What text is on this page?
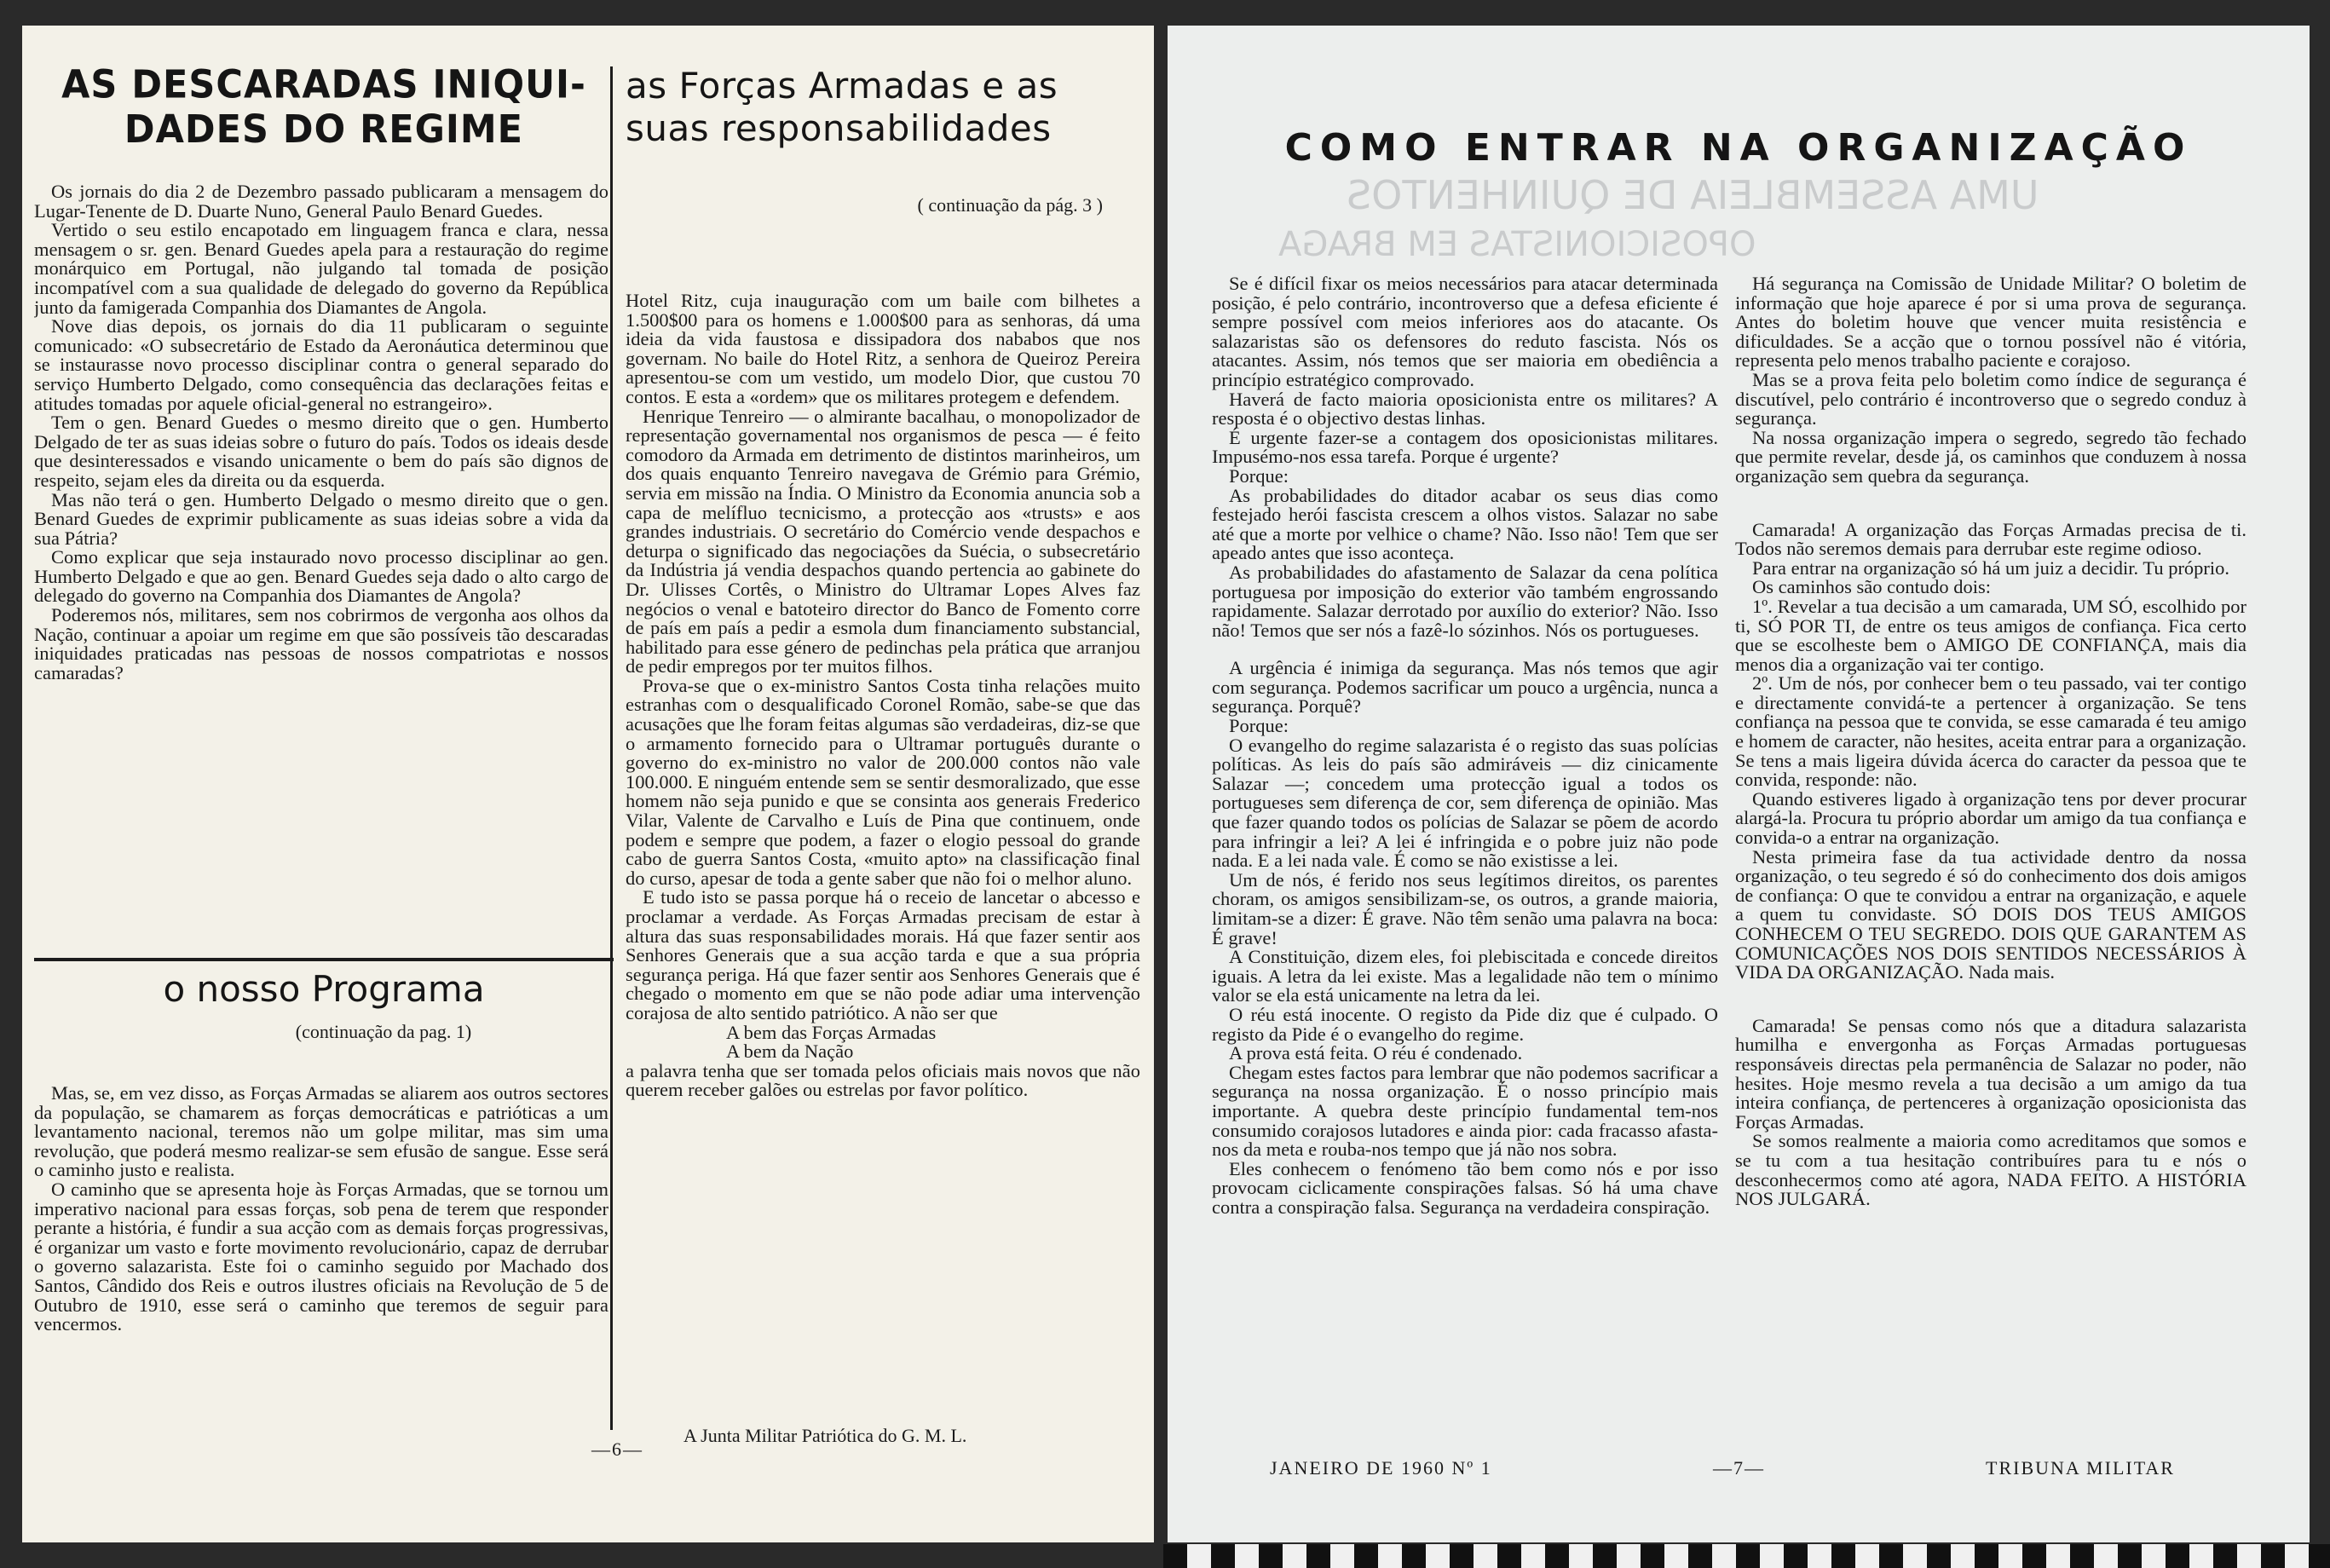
AS DESCARADAS INIQUI-
DADES DO REGIME

Os jornais do dia 2 de Dezembro passado publicaram a mensagem do Lugar-Tenente de D. Duarte Nuno, General Paulo Benard Guedes.

Vertido o seu estilo encapotado em linguagem franca e clara, nessa mensagem o sr. gen. Benard Guedes apela para a restauração do regime monárquico em Portugal, não julgando tal tomada de posição incompatível com a sua qualidade de delegado do governo da República junto da famigerada Companhia dos Diamantes de Angola.

Nove dias depois, os jornais do dia 11 publicaram o seguinte comunicado: «O subsecretário de Estado da Aeronáutica determinou que se instaurasse novo processo disciplinar contra o general separado do serviço Humberto Delgado, como consequência das declarações feitas e atitudes tomadas por aquele oficial-general no estrangeiro».

Tem o gen. Benard Guedes o mesmo direito que o gen. Humberto Delgado de ter as suas ideias sobre o futuro do país. Todos os ideais desde que desinteressados e visando unicamente o bem do país são dignos de respeito, sejam eles da direita ou da esquerda.

Mas não terá o gen. Humberto Delgado o mesmo direito que o gen. Benard Guedes de exprimir publicamente as suas ideias sobre a vida da sua Pátria?

Como explicar que seja instaurado novo processo disciplinar ao gen. Humberto Delgado e que ao gen. Benard Guedes seja dado o alto cargo de delegado do governo na Companhia dos Diamantes de Angola?

Poderemos nós, militares, sem nos cobrirmos de vergonha aos olhos da Nação, continuar a apoiar um regime em que são possíveis tão descaradas iniquidades praticadas nas pessoas de nossos compatriotas e nossos camaradas?

o nosso Programa
(continuação da pag. 1)

Mas, se, em vez disso, as Forças Armadas se aliarem aos outros sectores da população, se chamarem as forças democráticas e patrióticas a um levantamento nacional, teremos não um golpe militar, mas sim uma revolução, que poderá mesmo realizar-se sem efusão de sangue. Esse será o caminho justo e realista.

O caminho que se apresenta hoje às Forças Armadas, que se tornou um imperativo nacional para essas forças, sob pena de terem que responder perante a história, é fundir a sua acção com as demais forças progressivas, é organizar um vasto e forte movimento revolucionário, capaz de derrubar o governo salazarista. Este foi o caminho seguido por Machado dos Santos, Cândido dos Reis e outros ilustres oficiais na Revolução de 5 de Outubro de 1910, esse será o caminho que teremos de seguir para vencermos.

as Forças Armadas e as
suas responsabilidades
( continuação da pág. 3 )

Hotel Ritz, cuja inauguração com um baile com bilhetes a 1.500$00 para os homens e 1.000$00 para as senhoras, dá uma ideia da vida faustosa e dissipadora dos nababos que nos governam. No baile do Hotel Ritz, a senhora de Queiroz Pereira apresentou-se com um vestido, um modelo Dior, que custou 70 contos. E esta a «ordem» que os militares protegem e defendem.

Henrique Tenreiro — o almirante bacalhau, o monopolizador de representação governamental nos organismos de pesca — é feito comodoro da Armada em detrimento de distintos marinheiros, um dos quais enquanto Tenreiro navegava de Grémio para Grémio, servia em missão na Índia. O Ministro da Economia anuncia sob a capa de melífluo tecnicismo, a protecção aos «trusts» e aos grandes industriais. O secretário do Comércio vende despachos e deturpa o significado das negociações da Suécia, o subsecretário da Indústria já vendia despachos quando pertencia ao gabinete do Dr. Ulisses Cortês, o Ministro do Ultramar Lopes Alves faz negócios o venal e batoteiro director do Banco de Fomento corre de país em país a pedir a esmola dum financiamento substancial, habilitado para esse género de pedinchas pela prática que arranjou de pedir empregos por ter muitos filhos.

Prova-se que o ex-ministro Santos Costa tinha relações muito estranhas com o desqualificado Coronel Romão, sabe-se que das acusações que lhe foram feitas algumas são verdadeiras, diz-se que o armamento fornecido para o Ultramar português durante o governo do ex-ministro no valor de 200.000 contos não vale 100.000. E ninguém entende sem se sentir desmoralizado, que esse homem não seja punido e que se consinta aos generais Frederico Vilar, Valente de Carvalho e Luís de Pina que continuem, onde podem e sempre que podem, a fazer o elogio pessoal do grande cabo de guerra Santos Costa, «muito apto» na classificação final do curso, apesar de toda a gente saber que não foi o melhor aluno.

E tudo isto se passa porque há o receio de lancetar o abcesso e proclamar a verdade. As Forças Armadas precisam de estar à altura das suas responsabilidades morais. Há que fazer sentir aos Senhores Generais que a sua acção tarda e que a sua própria segurança periga. Há que fazer sentir aos Senhores Generais que é chegado o momento em que se não pode adiar uma intervenção corajosa de alto sentido patriótico. A não ser que

A bem das Forças Armadas
A bem da Nação

a palavra tenha que ser tomada pelos oficiais mais novos que não querem receber galões ou estrelas por favor político.

A Junta Militar Patriótica do G. M. L.
—6—
UMA ASSEMBLEIA DE QUINHENTOS
OPOSICIONISTAS EM BRAGA
COMO ENTRAR NA ORGANIZAÇÃO

Se é difícil fixar os meios necessários para atacar determinada posição, é pelo contrário, incontroverso que a defesa eficiente é sempre possível com meios inferiores aos do atacante. Os salazaristas são os defensores do reduto fascista. Nós os atacantes. Assim, nós temos que ser maioria em obediência a princípio estratégico comprovado.

Haverá de facto maioria oposicionista entre os militares? A resposta é o objectivo destas linhas.

É urgente fazer-se a contagem dos oposicionistas militares. Impusémo-nos essa tarefa. Porque é urgente?

Porque:

As probabilidades do ditador acabar os seus dias como festejado herói fascista crescem a olhos vistos. Salazar no sabe até que a morte por velhice o chame? Não. Isso não! Tem que ser apeado antes que isso aconteça.

As probabilidades do afastamento de Salazar da cena política portuguesa por imposição do exterior vão também engrossando rapidamente. Salazar derrotado por auxílio do exterior? Não. Isso não! Temos que ser nós a fazê-lo sózinhos. Nós os portugueses.

A urgência é inimiga da segurança. Mas nós temos que agir com segurança. Podemos sacrificar um pouco a urgência, nunca a segurança. Porquê?

Porque:

O evangelho do regime salazarista é o registo das suas polícias políticas. As leis do país são admiráveis — diz cinicamente Salazar —; concedem uma protecção igual a todos os portugueses sem diferença de cor, sem diferença de opinião. Mas que fazer quando todos os polícias de Salazar se põem de acordo para infringir a lei? A lei é infringida e o pobre juiz não pode nada. E a lei nada vale. É como se não existisse a lei.

Um de nós, é ferido nos seus legítimos direitos, os parentes choram, os amigos sensibilizam-se, os outros, a grande maioria, limitam-se a dizer: É grave. Não têm senão uma palavra na boca: É grave!

A Constituição, dizem eles, foi plebiscitada e concede direitos iguais. A letra da lei existe. Mas a legalidade não tem o mínimo valor se ela está unicamente na letra da lei.

O réu está inocente. O registo da Pide diz que é culpado. O registo da Pide é o evangelho do regime.

A prova está feita. O réu é condenado.

Chegam estes factos para lembrar que não podemos sacrificar a segurança na nossa organização. É o nosso princípio mais importante. A quebra deste princípio fundamental tem-nos consumido corajosos lutadores e ainda pior: cada fracasso afasta-nos da meta e rouba-nos tempo que já não nos sobra.

Eles conhecem o fenómeno tão bem como nós e por isso provocam ciclicamente conspirações falsas. Só há uma chave contra a conspiração falsa. Segurança na verdadeira conspiração.

Há segurança na Comissão de Unidade Militar? O boletim de informação que hoje aparece é por si uma prova de segurança. Antes do boletim houve que vencer muita resistência e dificuldades. Se a acção que o tornou possível não é vitória, representa pelo menos trabalho paciente e corajoso.

Mas se a prova feita pelo boletim como índice de segurança é discutível, pelo contrário é incontroverso que o segredo conduz à segurança.

Na nossa organização impera o segredo, segredo tão fechado que permite revelar, desde já, os caminhos que conduzem à nossa organização sem quebra da segurança.

Camarada! A organização das Forças Armadas precisa de ti. Todos não seremos demais para derrubar este regime odioso.

Para entrar na organização só há um juiz a decidir. Tu próprio.

Os caminhos são contudo dois:

1º. Revelar a tua decisão a um camarada, UM SÓ, escolhido por ti, SÓ POR TI, de entre os teus amigos de confiança. Fica certo que se escolheste bem o AMIGO DE CONFIANÇA, mais dia menos dia a organização vai ter contigo.

2º. Um de nós, por conhecer bem o teu passado, vai ter contigo e directamente convidá-te a pertencer à organização. Se tens confiança na pessoa que te convida, se esse camarada é teu amigo e homem de caracter, não hesites, aceita entrar para a organização. Se tens a mais ligeira dúvida ácerca do caracter da pessoa que te convida, responde: não.

Quando estiveres ligado à organização tens por dever procurar alargá-la. Procura tu próprio abordar um amigo da tua confiança e convida-o a entrar na organização.

Nesta primeira fase da tua actividade dentro da nossa organização, o teu segredo é só do conhecimento dos dois amigos de confiança: O que te convidou a entrar na organização, e aquele a quem tu convidaste. SÓ DOIS DOS TEUS AMIGOS CONHECEM O TEU SEGREDO. DOIS QUE GARANTEM AS COMUNICAÇÕES NOS DOIS SENTIDOS NECESSÁRIOS À VIDA DA ORGANIZAÇÃO. Nada mais.

Camarada! Se pensas como nós que a ditadura salazarista humilha e envergonha as Forças Armadas portuguesas responsáveis directas pela permanência de Salazar no poder, não hesites. Hoje mesmo revela a tua decisão a um amigo da tua inteira confiança, de pertenceres à organização oposicionista das Forças Armadas.

Se somos realmente a maioria como acreditamos que somos e se tu com a tua hesitação contribuíres para tu e nós o desconhecermos como até agora, NADA FEITO. A HISTÓRIA NOS JULGARÁ.

JANEIRO DE 1960 Nº 1	—7—	TRIBUNA MILITAR
